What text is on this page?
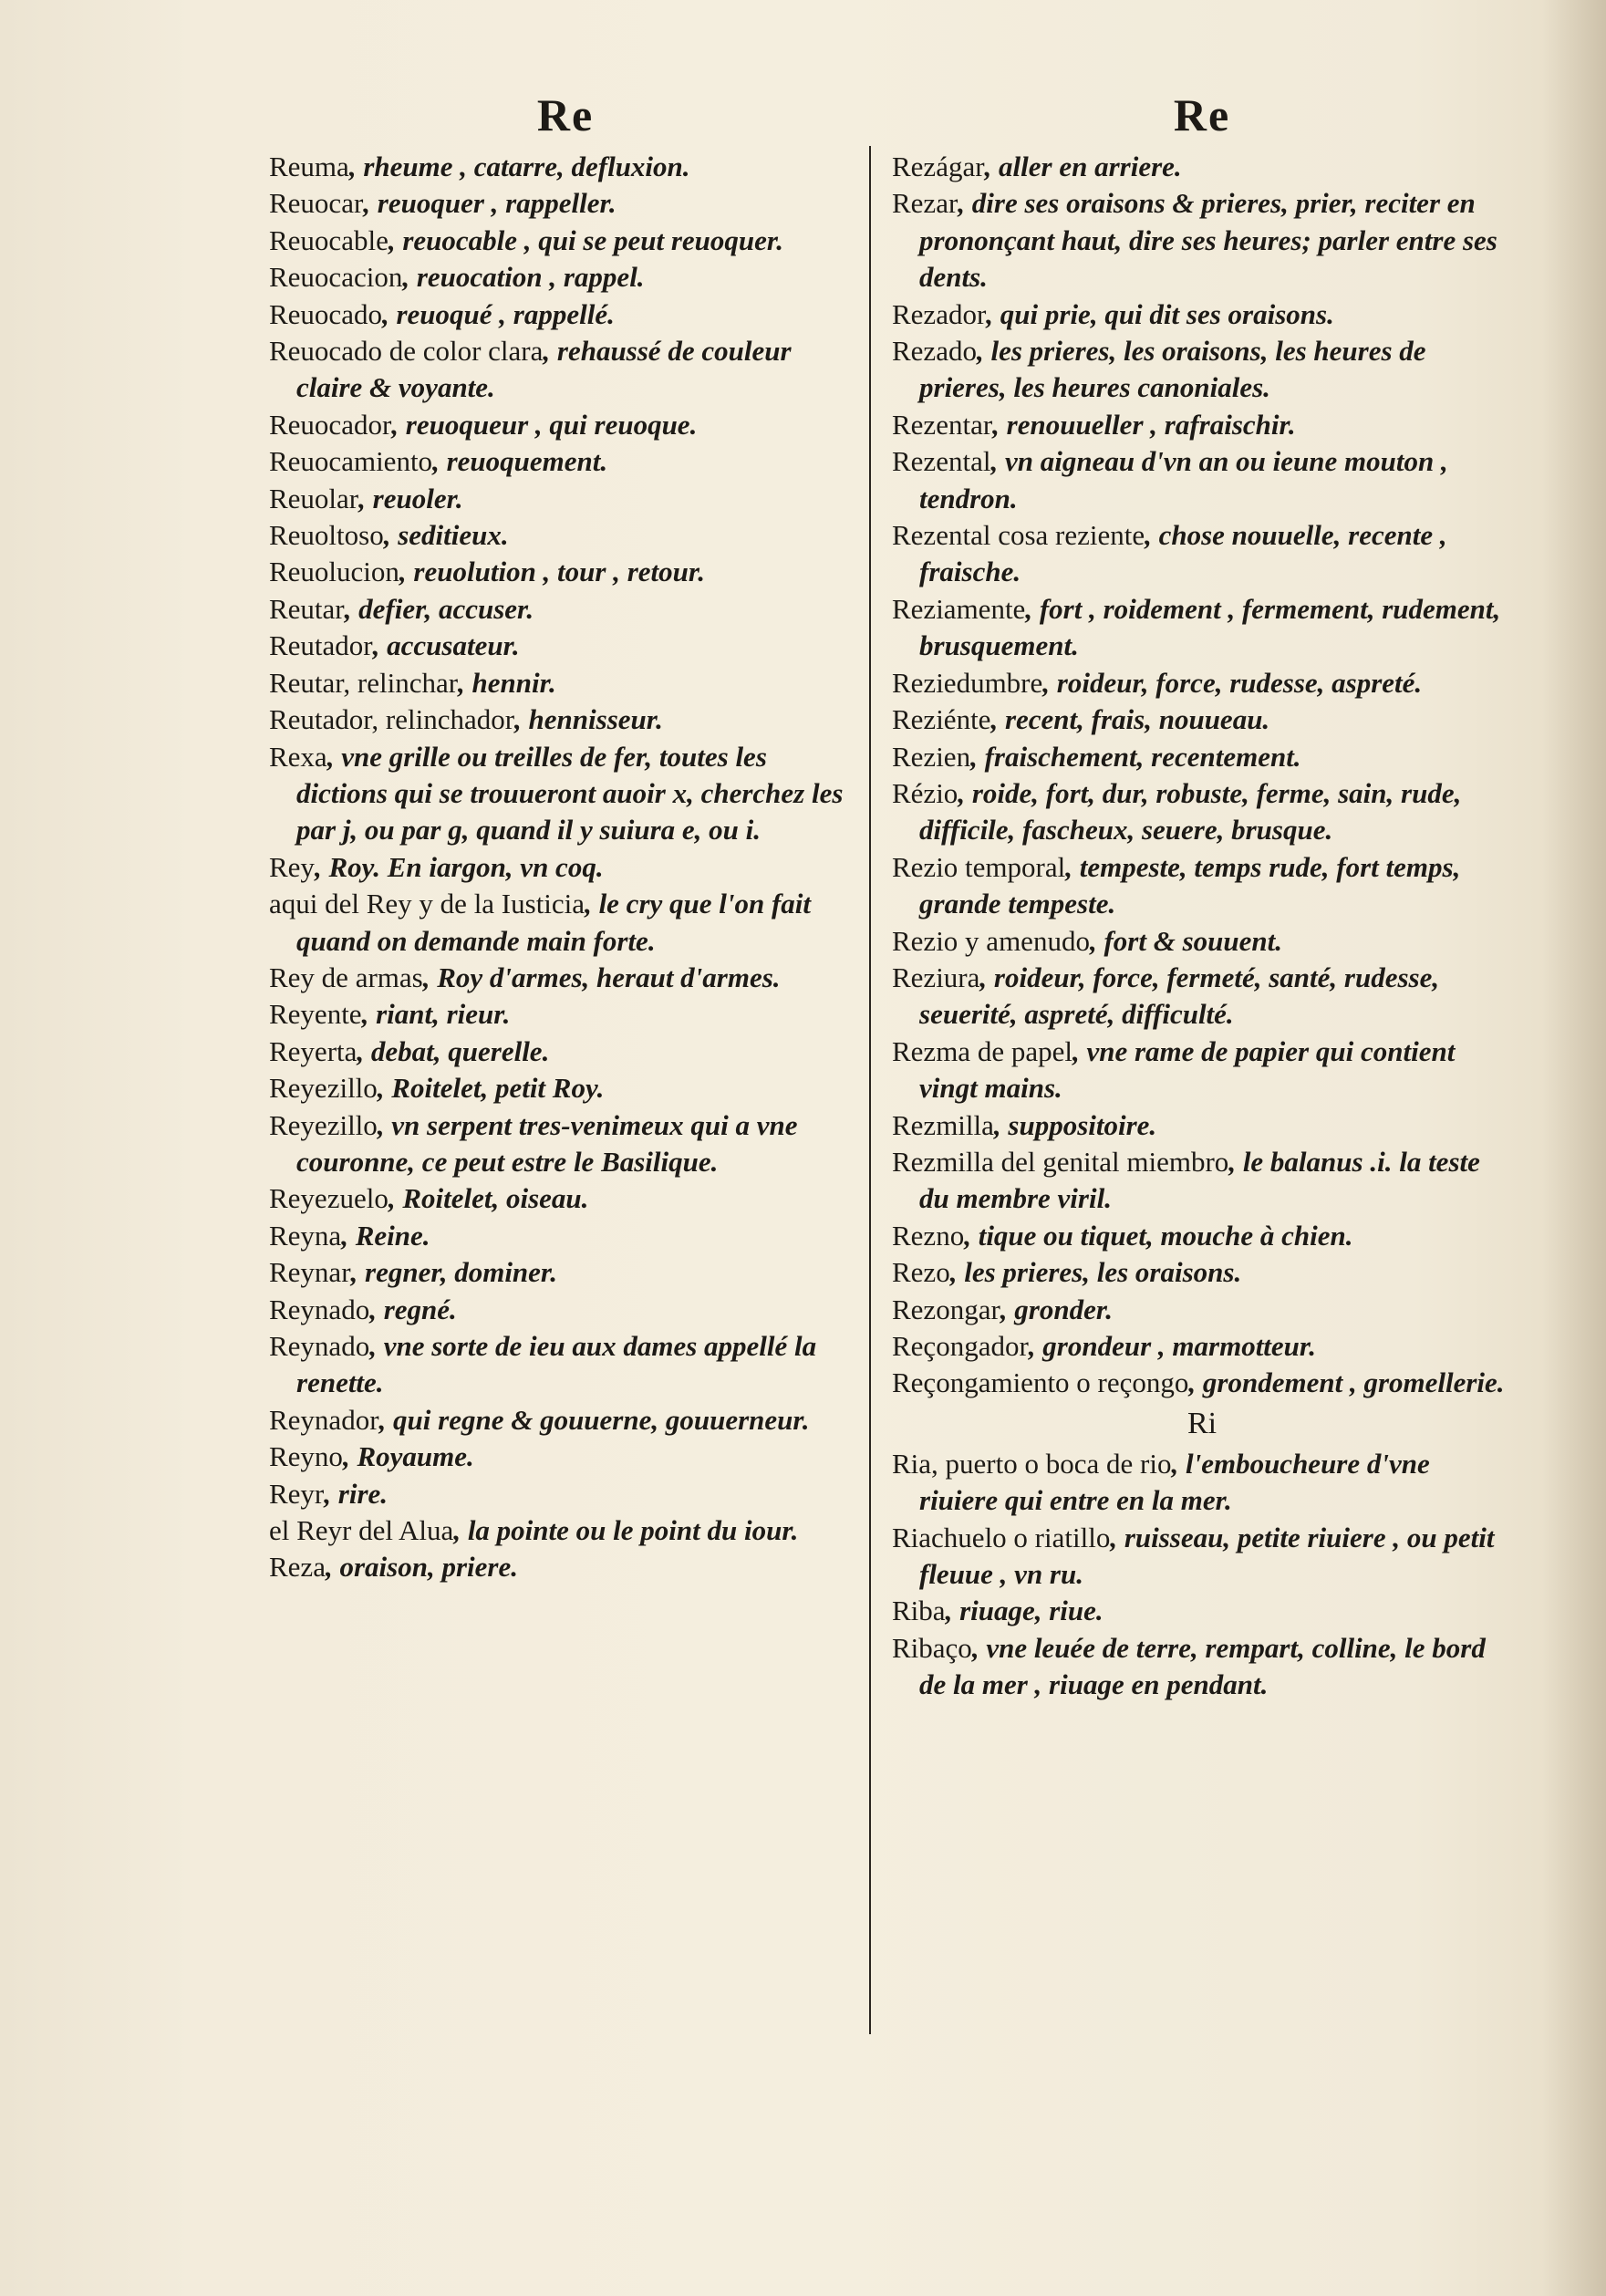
Re

Reuma, rheume , catarre, defluxion.

Reuocar, reuoquer , rappeller.

Reuocable, reuocable , qui se peut reuoquer.

Reuocacion, reuocation , rappel.

Reuocado, reuoqué , rappellé.

Reuocado de color clara, rehaussé de couleur claire & voyante.

Reuocador, reuoqueur , qui reuoque.

Reuocamiento, reuoquement.

Reuolar, reuoler.

Reuoltoso, seditieux.

Reuolucion, reuolution , tour , retour.

Reutar, defier, accuser.

Reutador, accusateur.

Reutar, relinchar, hennir.

Reutador, relinchador, hennisseur.

Rexa, vne grille ou treilles de fer, toutes les dictions qui se trouueront auoir x, cherchez les par j, ou par g, quand il y suiura e, ou i.

Rey, Roy. En iargon, vn coq.

aqui del Rey y de la Iusticia, le cry que l'on fait quand on demande main forte.

Rey de armas, Roy d'armes, heraut d'armes.

Reyente, riant, rieur.

Reyerta, debat, querelle.

Reyezillo, Roitelet, petit Roy.

Reyezillo, vn serpent tres-venimeux qui a vne couronne, ce peut estre le Basilique.

Reyezuelo, Roitelet, oiseau.

Reyna, Reine.

Reynar, regner, dominer.

Reynado, regné.

Reynado, vne sorte de ieu aux dames appellé la renette.

Reynador, qui regne & gouuerne, gouuerneur.

Reyno, Royaume.

Reyr, rire.

el Reyr del Alua, la pointe ou le point du iour.

Reza, oraison, priere.

Re

Rezágar, aller en arriere.

Rezar, dire ses oraisons & prieres, prier, reciter en prononçant haut, dire ses heures; parler entre ses dents.

Rezador, qui prie, qui dit ses oraisons.

Rezado, les prieres, les oraisons, les heures de prieres, les heures canoniales.

Rezentar, renouueller , rafraischir.

Rezental, vn aigneau d'vn an ou ieune mouton , tendron.

Rezental cosa reziente, chose nouuelle, recente , fraische.

Reziamente, fort , roidement , fermement, rudement, brusquement.

Reziedumbre, roideur, force, rudesse, aspreté.

Reziénte, recent, frais, nouueau.

Rezien, fraischement, recentement.

Rézio, roide, fort, dur, robuste, ferme, sain, rude, difficile, fascheux, seuere, brusque.

Rezio temporal, tempeste, temps rude, fort temps, grande tempeste.

Rezio y amenudo, fort & souuent.

Reziura, roideur, force, fermeté, santé, rudesse, seuerité, aspreté, difficulté.

Rezma de papel, vne rame de papier qui contient vingt mains.

Rezmilla, suppositoire.

Rezmilla del genital miembro, le balanus .i. la teste du membre viril.

Rezno, tique ou tiquet, mouche à chien.

Rezo, les prieres, les oraisons.

Rezongar, gronder.

Reçongador, grondeur , marmotteur.

Reçongamiento o reçongo, grondement , gromellerie.

Ri

Ria, puerto o boca de rio, l'emboucheure d'vne riuiere qui entre en la mer.

Riachuelo o riatillo, ruisseau, petite riuiere , ou petit fleuue , vn ru.

Riba, riuage, riue.

Ribaço, vne leuée de terre, rempart, colline, le bord de la mer , riuage en pendant.
